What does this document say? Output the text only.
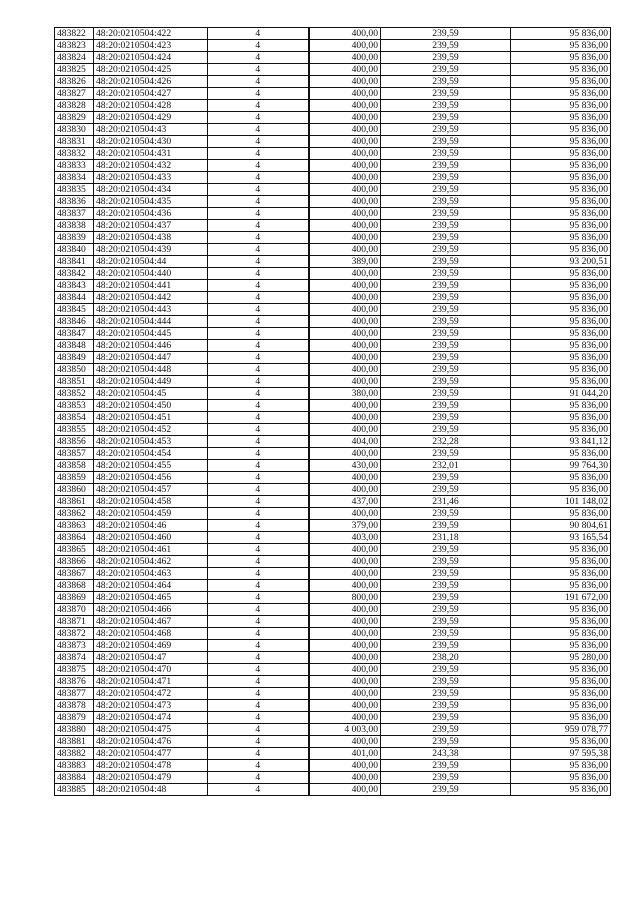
483822	48:20:0210504:422	4	400,00	239,59	95 836,00
483823	48:20:0210504:423	4	400,00	239,59	95 836,00
483824	48:20:0210504:424	4	400,00	239,59	95 836,00
483825	48:20:0210504:425	4	400,00	239,59	95 836,00
483826	48:20:0210504:426	4	400,00	239,59	95 836,00
483827	48:20:0210504:427	4	400,00	239,59	95 836,00
483828	48:20:0210504:428	4	400,00	239,59	95 836,00
483829	48:20:0210504:429	4	400,00	239,59	95 836,00
483830	48:20:0210504:43	4	400,00	239,59	95 836,00
483831	48:20:0210504:430	4	400,00	239,59	95 836,00
483832	48:20:0210504:431	4	400,00	239,59	95 836,00
483833	48:20:0210504:432	4	400,00	239,59	95 836,00
483834	48:20:0210504:433	4	400,00	239,59	95 836,00
483835	48:20:0210504:434	4	400,00	239,59	95 836,00
483836	48:20:0210504:435	4	400,00	239,59	95 836,00
483837	48:20:0210504:436	4	400,00	239,59	95 836,00
483838	48:20:0210504:437	4	400,00	239,59	95 836,00
483839	48:20:0210504:438	4	400,00	239,59	95 836,00
483840	48:20:0210504:439	4	400,00	239,59	95 836,00
483841	48:20:0210504:44	4	389,00	239,59	93 200,51
483842	48:20:0210504:440	4	400,00	239,59	95 836,00
483843	48:20:0210504:441	4	400,00	239,59	95 836,00
483844	48:20:0210504:442	4	400,00	239,59	95 836,00
483845	48:20:0210504:443	4	400,00	239,59	95 836,00
483846	48:20:0210504:444	4	400,00	239,59	95 836,00
483847	48:20:0210504:445	4	400,00	239,59	95 836,00
483848	48:20:0210504:446	4	400,00	239,59	95 836,00
483849	48:20:0210504:447	4	400,00	239,59	95 836,00
483850	48:20:0210504:448	4	400,00	239,59	95 836,00
483851	48:20:0210504:449	4	400,00	239,59	95 836,00
483852	48:20:0210504:45	4	380,00	239,59	91 044,20
483853	48:20:0210504:450	4	400,00	239,59	95 836,00
483854	48:20:0210504:451	4	400,00	239,59	95 836,00
483855	48:20:0210504:452	4	400,00	239,59	95 836,00
483856	48:20:0210504:453	4	404,00	232,28	93 841,12
483857	48:20:0210504:454	4	400,00	239,59	95 836,00
483858	48:20:0210504:455	4	430,00	232,01	99 764,30
483859	48:20:0210504:456	4	400,00	239,59	95 836,00
483860	48:20:0210504:457	4	400,00	239,59	95 836,00
483861	48:20:0210504:458	4	437,00	231,46	101 148,02
483862	48:20:0210504:459	4	400,00	239,59	95 836,00
483863	48:20:0210504:46	4	379,00	239,59	90 804,61
483864	48:20:0210504:460	4	403,00	231,18	93 165,54
483865	48:20:0210504:461	4	400,00	239,59	95 836,00
483866	48:20:0210504:462	4	400,00	239,59	95 836,00
483867	48:20:0210504:463	4	400,00	239,59	95 836,00
483868	48:20:0210504:464	4	400,00	239,59	95 836,00
483869	48:20:0210504:465	4	800,00	239,59	191 672,00
483870	48:20:0210504:466	4	400,00	239,59	95 836,00
483871	48:20:0210504:467	4	400,00	239,59	95 836,00
483872	48:20:0210504:468	4	400,00	239,59	95 836,00
483873	48:20:0210504:469	4	400,00	239,59	95 836,00
483874	48:20:0210504:47	4	400,00	238,20	95 280,00
483875	48:20:0210504:470	4	400,00	239,59	95 836,00
483876	48:20:0210504:471	4	400,00	239,59	95 836,00
483877	48:20:0210504:472	4	400,00	239,59	95 836,00
483878	48:20:0210504:473	4	400,00	239,59	95 836,00
483879	48:20:0210504:474	4	400,00	239,59	95 836,00
483880	48:20:0210504:475	4	4 003,00	239,59	959 078,77
483881	48:20:0210504:476	4	400,00	239,59	95 836,00
483882	48:20:0210504:477	4	401,00	243,38	97 595,38
483883	48:20:0210504:478	4	400,00	239,59	95 836,00
483884	48:20:0210504:479	4	400,00	239,59	95 836,00
483885	48:20:0210504:48	4	400,00	239,59	95 836,00
